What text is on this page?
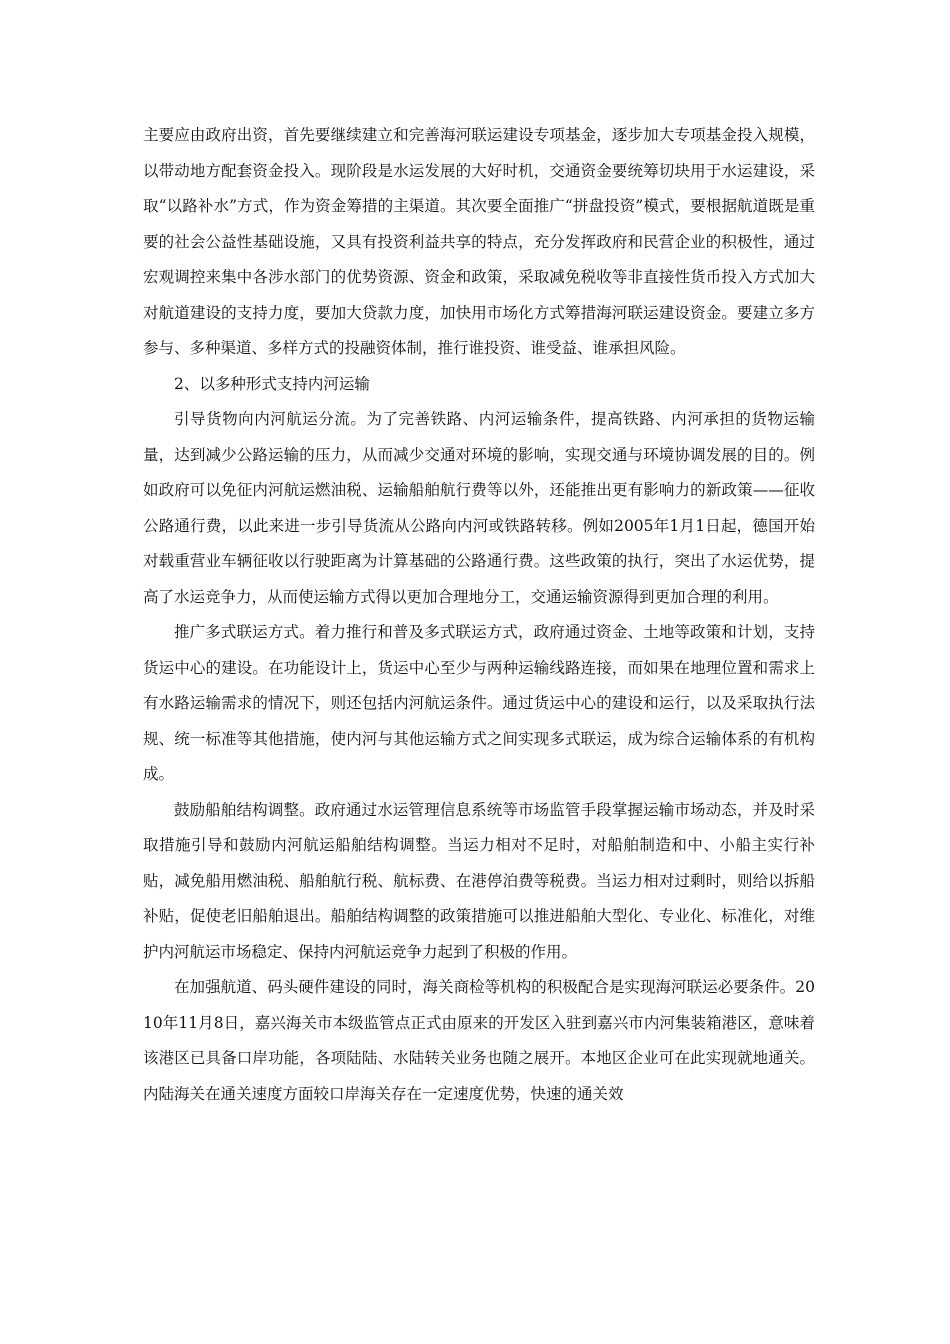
主要应由政府出资，首先要继续建立和完善海河联运建设专项基金，逐步加大专项基金投入规模，以带动地方配套资金投入。现阶段是水运发展的大好时机，交通资金要统筹切块用于水运建设，采取“以路补水”方式，作为资金筹措的主渠道。其次要全面推广“拼盘投资”模式，要根据航道既是重要的社会公益性基础设施，又具有投资利益共享的特点，充分发挥政府和民营企业的积极性，通过宏观调控来集中各涉水部门的优势资源、资金和政策，采取减免税收等非直接性货币投入方式加大对航道建设的支持力度，要加大贷款力度，加快用市场化方式筹措海河联运建设资金。要建立多方参与、多种渠道、多样方式的投融资体制，推行谁投资、谁受益、谁承担风险。

2、以多种形式支持内河运输

引导货物向内河航运分流。为了完善铁路、内河运输条件，提高铁路、内河承担的货物运输量，达到减少公路运输的压力，从而减少交通对环境的影响，实现交通与环境协调发展的目的。例如政府可以免征内河航运燃油税、运输船舶航行费等以外，还能推出更有影响力的新政策——征收公路通行费，以此来进一步引导货流从公路向内河或铁路转移。例如2005年1月1日起，德国开始对载重营业车辆征收以行驶距离为计算基础的公路通行费。这些政策的执行，突出了水运优势，提高了水运竞争力，从而使运输方式得以更加合理地分工，交通运输资源得到更加合理的利用。

推广多式联运方式。着力推行和普及多式联运方式，政府通过资金、土地等政策和计划，支持货运中心的建设。在功能设计上，货运中心至少与两种运输线路连接，而如果在地理位置和需求上有水路运输需求的情况下，则还包括内河航运条件。通过货运中心的建设和运行，以及采取执行法规、统一标准等其他措施，使内河与其他运输方式之间实现多式联运，成为综合运输体系的有机构成。

鼓励船舶结构调整。政府通过水运管理信息系统等市场监管手段掌握运输市场动态，并及时采取措施引导和鼓励内河航运船舶结构调整。当运力相对不足时，对船舶制造和中、小船主实行补贴，减免船用燃油税、船舶航行税、航标费、在港停泊费等税费。当运力相对过剩时，则给以拆船补贴，促使老旧船舶退出。船舶结构调整的政策措施可以推进船舶大型化、专业化、标准化，对维护内河航运市场稳定、保持内河航运竞争力起到了积极的作用。

在加强航道、码头硬件建设的同时，海关商检等机构的积极配合是实现海河联运必要条件。2010年11月8日，嘉兴海关市本级监管点正式由原来的开发区入驻到嘉兴市内河集装箱港区，意味着该港区已具备口岸功能，各项陆陆、水陆转关业务也随之展开。本地区企业可在此实现就地通关。内陆海关在通关速度方面较口岸海关存在一定速度优势，快速的通关效
